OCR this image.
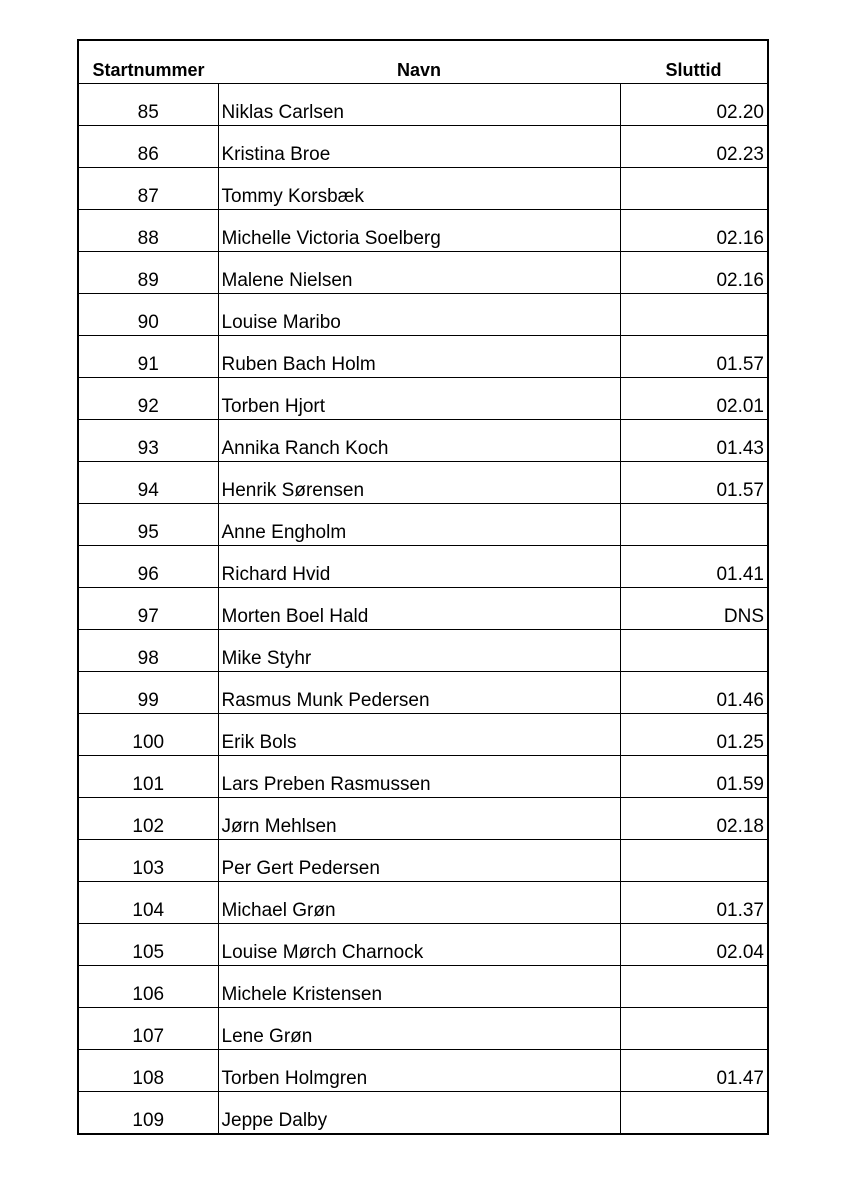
Startnummer	Navn	Sluttid
85	Niklas Carlsen	02.20
86	Kristina Broe	02.23
87	Tommy Korsbæk	
88	Michelle Victoria Soelberg	02.16
89	Malene Nielsen	02.16
90	Louise Maribo	
91	Ruben Bach Holm	01.57
92	Torben Hjort	02.01
93	Annika Ranch Koch	01.43
94	Henrik Sørensen	01.57
95	Anne Engholm	
96	Richard Hvid	01.41
97	Morten Boel Hald	DNS
98	Mike Styhr	
99	Rasmus Munk Pedersen	01.46
100	Erik Bols	01.25
101	Lars Preben Rasmussen	01.59
102	Jørn Mehlsen	02.18
103	Per Gert Pedersen	
104	Michael Grøn	01.37
105	Louise Mørch Charnock	02.04
106	Michele Kristensen	
107	Lene Grøn	
108	Torben Holmgren	01.47
109	Jeppe Dalby	
